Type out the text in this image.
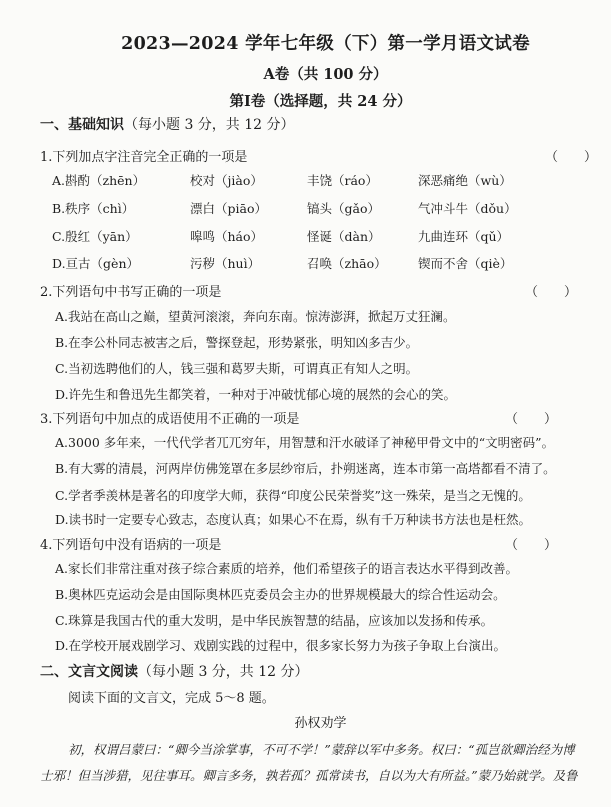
2023—2024 学年七年级（下）第一学月语文试卷
A卷（共 100 分）
第Ⅰ卷（选择题，共 24 分）
一、基础知识（每小题 3 分，共 12 分）
1.下列加点字注音完全正确的一项是	（　　）
A.斟酌（zhēn）	校对（jiào）	丰饶（ráo）	深恶痛绝（wù）
B.秩序（chì）	漂白（piāo）	镐头（gǎo）	气冲斗牛（dǒu）
C.殷红（yān）	嗥鸣（háo）	怪诞（dàn）	九曲连环（qǔ）
D.亘古（gèn）	污秽（huì）	召唤（zhāo）	锲而不舍（qiè）
2.下列语句中书写正确的一项是	（　　）
A.我站在高山之巅，望黄河滚滚，奔向东南。惊涛澎湃，掀起万丈狂澜。
B.在李公朴同志被害之后，警探登起，形势紧张，明知凶多吉少。
C.当初选聘他们的人，钱三强和葛罗夫斯，可谓真正有知人之明。
D.许先生和鲁迅先生都笑着，一种对于冲破忧郁心境的展然的会心的笑。
3.下列语句中加点的成语使用不正确的一项是	（　　）
A.3000 多年来，一代代学者兀兀穷年，用智慧和汗水破译了神秘甲骨文中的“文明密码”。
B.有大雾的清晨，河两岸仿佛笼罩在多层纱帘后，扑朔迷离，连本市第一高塔都看不清了。
C.学者季羡林是著名的印度学大师，获得“印度公民荣誉奖”这一殊荣，是当之无愧的。
D.读书时一定要专心致志，态度认真；如果心不在焉，纵有千万种读书方法也是枉然。
4.下列语句中没有语病的一项是	（　　）
A.家长们非常注重对孩子综合素质的培养，他们希望孩子的语言表达水平得到改善。
B.奥林匹克运动会是由国际奥林匹克委员会主办的世界规模最大的综合性运动会。
C.珠算是我国古代的重大发明，是中华民族智慧的结晶，应该加以发扬和传承。
D.在学校开展戏剧学习、戏剧实践的过程中，很多家长努力为孩子争取上台演出。
二、文言文阅读（每小题 3 分，共 12 分）
阅读下面的文言文，完成 5～8 题。
孙权劝学
初，权谓吕蒙曰：“卿今当涂掌事，不可不学！”蒙辞以军中多务。权曰：“孤岂欲卿治经为博
士邪！但当涉猎，见往事耳。卿言多务，孰若孤？孤常读书，自以为大有所益。”蒙乃始就学。及鲁
